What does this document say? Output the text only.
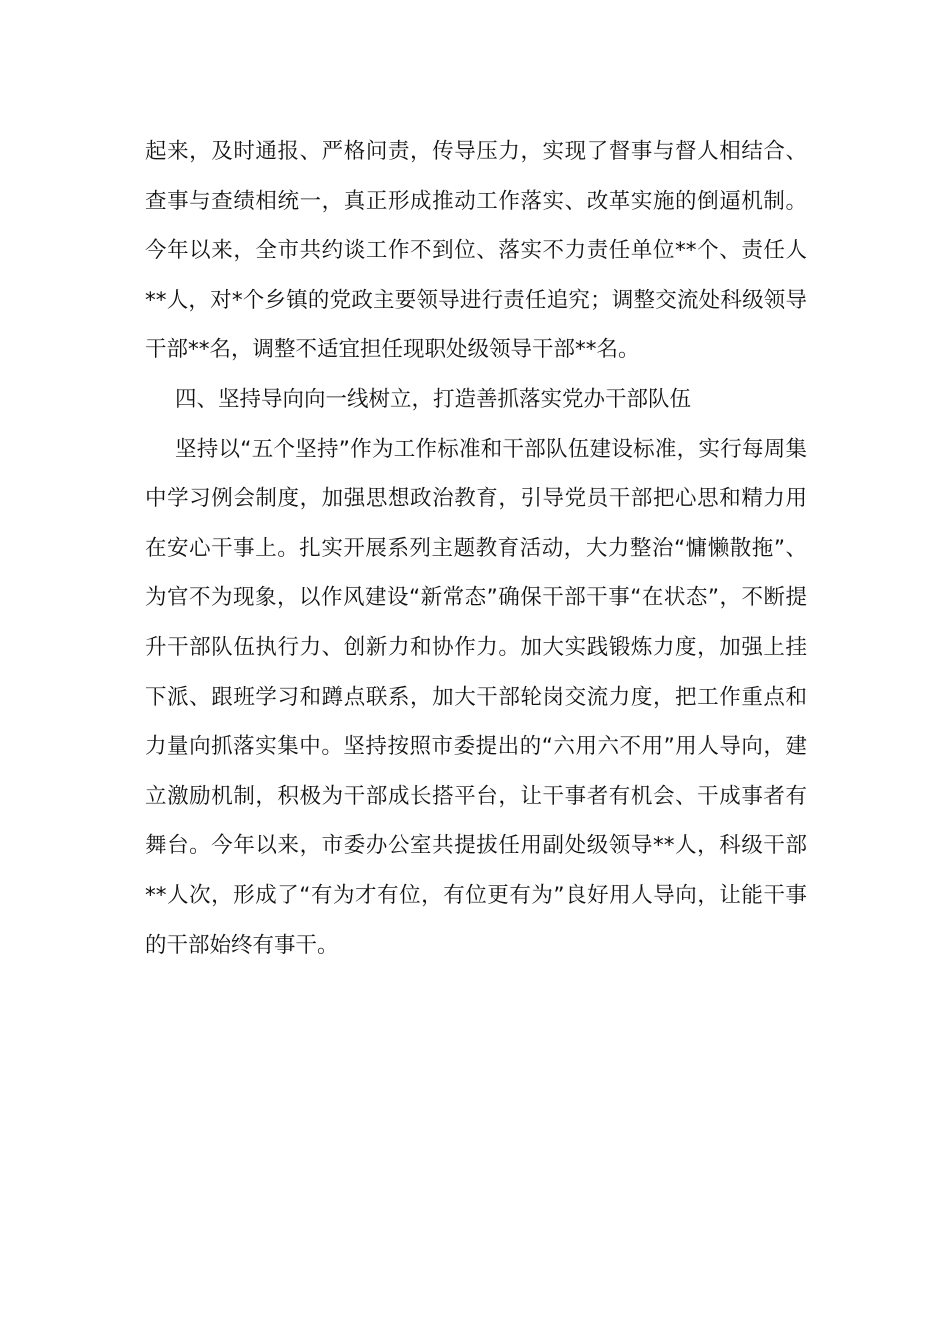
起来，及时通报、严格问责，传导压力，实现了督事与督人相结合、查事与查绩相统一，真正形成推动工作落实、改革实施的倒逼机制。今年以来，全市共约谈工作不到位、落实不力责任单位**个、责任人**人，对*个乡镇的党政主要领导进行责任追究；调整交流处科级领导干部**名，调整不适宜担任现职处级领导干部**名。

四、坚持导向向一线树立，打造善抓落实党办干部队伍

坚持以“五个坚持”作为工作标准和干部队伍建设标准，实行每周集中学习例会制度，加强思想政治教育，引导党员干部把心思和精力用在安心干事上。扎实开展系列主题教育活动，大力整治“慵懒散拖”、为官不为现象，以作风建设“新常态”确保干部干事“在状态”，不断提升干部队伍执行力、创新力和协作力。加大实践锻炼力度，加强上挂下派、跟班学习和蹲点联系，加大干部轮岗交流力度，把工作重点和力量向抓落实集中。坚持按照市委提出的“六用六不用”用人导向，建立激励机制，积极为干部成长搭平台，让干事者有机会、干成事者有舞台。今年以来，市委办公室共提拔任用副处级领导**人，科级干部**人次，形成了“有为才有位，有位更有为”良好用人导向，让能干事的干部始终有事干。
